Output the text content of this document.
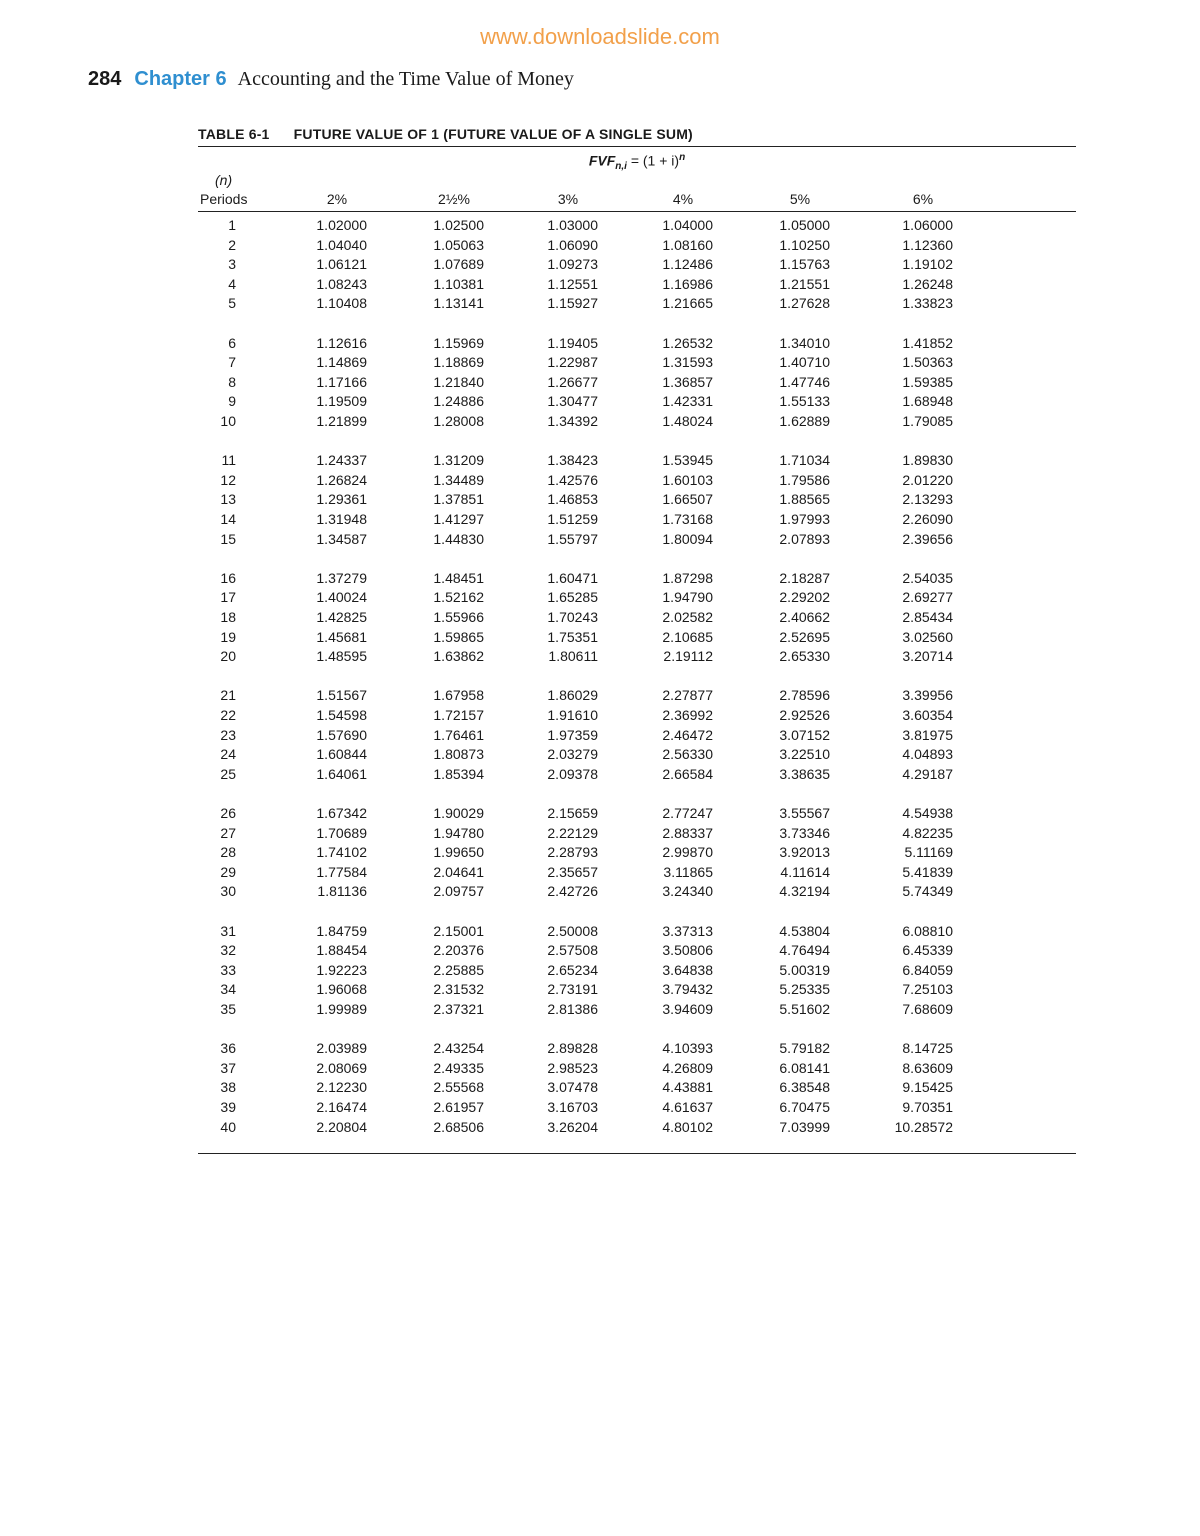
www.downloadslide.com
284 Chapter 6 Accounting and the Time Value of Money
TABLE 6-1 FUTURE VALUE OF 1 (FUTURE VALUE OF A SINGLE SUM)
$FVF_{n,i} = (1 + i)^n$
(n)
Periods	2%	2½%	3%	4%	5%	6%
1	1.02000	1.02500	1.03000	1.04000	1.05000	1.06000
2	1.04040	1.05063	1.06090	1.08160	1.10250	1.12360
3	1.06121	1.07689	1.09273	1.12486	1.15763	1.19102
4	1.08243	1.10381	1.12551	1.16986	1.21551	1.26248
5	1.10408	1.13141	1.15927	1.21665	1.27628	1.33823
6	1.12616	1.15969	1.19405	1.26532	1.34010	1.41852
7	1.14869	1.18869	1.22987	1.31593	1.40710	1.50363
8	1.17166	1.21840	1.26677	1.36857	1.47746	1.59385
9	1.19509	1.24886	1.30477	1.42331	1.55133	1.68948
10	1.21899	1.28008	1.34392	1.48024	1.62889	1.79085
11	1.24337	1.31209	1.38423	1.53945	1.71034	1.89830
12	1.26824	1.34489	1.42576	1.60103	1.79586	2.01220
13	1.29361	1.37851	1.46853	1.66507	1.88565	2.13293
14	1.31948	1.41297	1.51259	1.73168	1.97993	2.26090
15	1.34587	1.44830	1.55797	1.80094	2.07893	2.39656
16	1.37279	1.48451	1.60471	1.87298	2.18287	2.54035
17	1.40024	1.52162	1.65285	1.94790	2.29202	2.69277
18	1.42825	1.55966	1.70243	2.02582	2.40662	2.85434
19	1.45681	1.59865	1.75351	2.10685	2.52695	3.02560
20	1.48595	1.63862	1.80611	2.19112	2.65330	3.20714
21	1.51567	1.67958	1.86029	2.27877	2.78596	3.39956
22	1.54598	1.72157	1.91610	2.36992	2.92526	3.60354
23	1.57690	1.76461	1.97359	2.46472	3.07152	3.81975
24	1.60844	1.80873	2.03279	2.56330	3.22510	4.04893
25	1.64061	1.85394	2.09378	2.66584	3.38635	4.29187
26	1.67342	1.90029	2.15659	2.77247	3.55567	4.54938
27	1.70689	1.94780	2.22129	2.88337	3.73346	4.82235
28	1.74102	1.99650	2.28793	2.99870	3.92013	5.11169
29	1.77584	2.04641	2.35657	3.11865	4.11614	5.41839
30	1.81136	2.09757	2.42726	3.24340	4.32194	5.74349
31	1.84759	2.15001	2.50008	3.37313	4.53804	6.08810
32	1.88454	2.20376	2.57508	3.50806	4.76494	6.45339
33	1.92223	2.25885	2.65234	3.64838	5.00319	6.84059
34	1.96068	2.31532	2.73191	3.79432	5.25335	7.25103
35	1.99989	2.37321	2.81386	3.94609	5.51602	7.68609
36	2.03989	2.43254	2.89828	4.10393	5.79182	8.14725
37	2.08069	2.49335	2.98523	4.26809	6.08141	8.63609
38	2.12230	2.55568	3.07478	4.43881	6.38548	9.15425
39	2.16474	2.61957	3.16703	4.61637	6.70475	9.70351
40	2.20804	2.68506	3.26204	4.80102	7.03999	10.28572
